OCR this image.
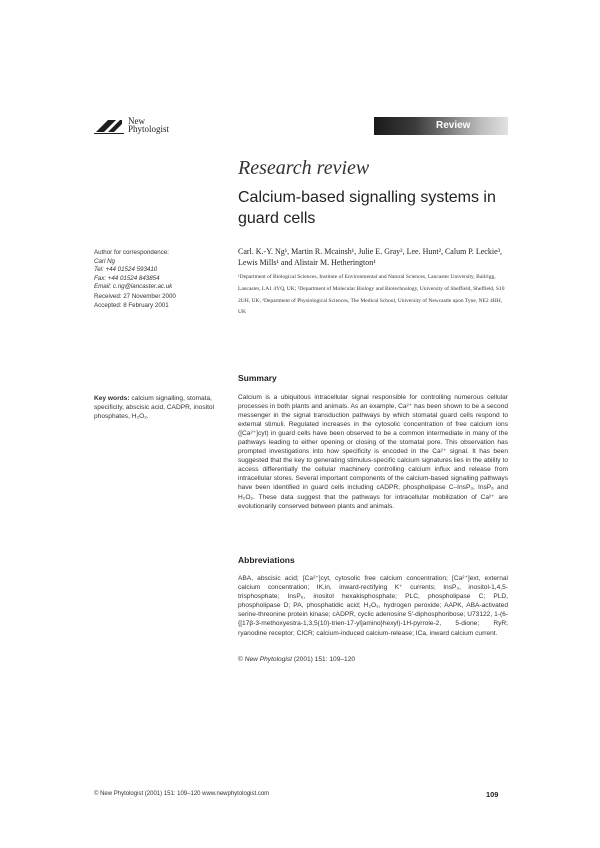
New
Phytologist	Review
Research review
Calcium-based signalling systems in guard cells
Author for correspondence:
Carl Ng
Tel: +44 01524 593410
Fax: +44 01524 843854
Email: c.ng@lancaster.ac.uk
Received: 27 November 2000
Accepted: 8 February 2001
Key words: calcium signalling, stomata, specificity, abscisic acid, CADPR, inositol phosphates, H₂O₂.
Carl. K.-Y. Ng¹, Martin R. Mcainsh¹, Julie E. Gray², Lee. Hunt², Calum P. Leckie³, Lewis Mills¹ and Alistair M. Hetherington¹
¹Department of Biological Sciences, Institute of Environmental and Natural Sciences, Lancaster University, Bailrigg, Lancaster, LA1 4YQ, UK; ²Department of Molecular Biology and Biotechnology, University of Sheffield, Sheffield, S10 2UH, UK; ³Department of Physiological Sciences, The Medical School, University of Newcastle upon Tyne, NE2 4HH, UK
Summary
Calcium is a ubiquitous intracellular signal responsible for controlling numerous cellular processes in both plants and animals. As an example, Ca²⁺ has been shown to be a second messenger in the signal transduction pathways by which stomatal guard cells respond to external stimuli. Regulated increases in the cytosolic concentration of free calcium ions ([Ca²⁺]cyt) in guard cells have been observed to be a common intermediate in many of the pathways leading to either opening or closing of the stomatal pore. This observation has prompted investigations into how specificity is encoded in the Ca²⁺ signal. It has been suggested that the key to generating stimulus-specific calcium signatures lies in the ability to access differentially the cellular machinery controlling calcium influx and release from intracellular stores. Several important components of the calcium-based signalling pathways have been identified in guard cells including cADPR, phospholipase C–InsP₃, InsP₆ and H₂O₂. These data suggest that the pathways for intracellular mobilization of Ca²⁺ are evolutionarily conserved between plants and animals.
Abbreviations
ABA, abscisic acid; [Ca²⁺]cyt, cytosolic free calcium concentration; [Ca²⁺]ext, external calcium concentration; IK,in, inward-rectifying K⁺ currents; InsP₃, inositol-1,4,5-trisphosphate; InsP₆, inositol hexakisphosphate; PLC, phospholipase C; PLD, phospholipase D; PA, phosphatidic acid; H₂O₂, hydrogen peroxide; AAPK, ABA-activated serine-threonine protein kinase; cADPR, cyclic adenosine 5′-diphosphoribose; U73122, 1-(6-{[17β-3-methoxyestra-1,3,5(10)-trien-17-yl]amino}hexyl)-1H-pyrrole-2, 5-dione; RyR; ryanodine receptor; CICR; calcium-induced calcium-release; ICa, inward calcium current.
© New Phytologist (2001) 151: 109–120
© New Phytologist (2001) 151: 109–120 www.newphytologist.com	109
